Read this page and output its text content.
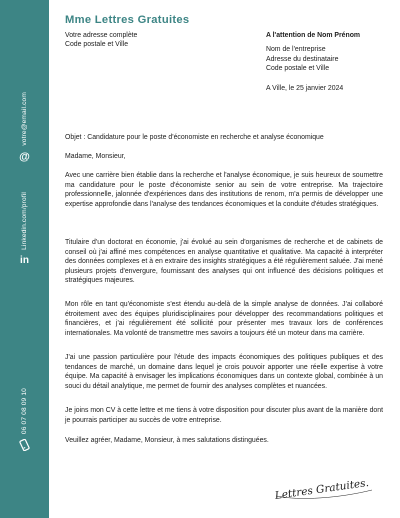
votre@email.com
@
Linkedin.com/profil
in
06 07 08 09 10
Mme Lettres Gratuites
Votre adresse complète
Code postale et Ville
A l'attention de Nom Prénom
Nom de l'entreprise
Adresse du destinataire
Code postale et Ville
A Ville, le 25 janvier 2024
Objet : Candidature pour le poste d'économiste en recherche et analyse économique
Madame, Monsieur,

Avec une carrière bien établie dans la recherche et l'analyse économique, je suis heureux de soumettre ma candidature pour le poste d'économiste senior au sein de votre entreprise. Ma trajectoire professionnelle, jalonnée d'expériences dans des institutions de renom, m'a permis de développer une expertise approfondie dans l'analyse des tendances économiques et la conduite d'études stratégiques.

Titulaire d'un doctorat en économie, j'ai évolué au sein d'organismes de recherche et de cabinets de conseil où j'ai affiné mes compétences en analyse quantitative et qualitative. Ma capacité à interpréter des données complexes et à en extraire des insights stratégiques a été régulièrement saluée. J'ai mené plusieurs projets d'envergure, fournissant des analyses qui ont influencé des décisions politiques et stratégiques majeures.

Mon rôle en tant qu'économiste s'est étendu au-delà de la simple analyse de données. J'ai collaboré étroitement avec des équipes pluridisciplinaires pour développer des recommandations politiques et financières, et j'ai régulièrement été sollicité pour présenter mes travaux lors de conférences internationales. Ma volonté de transmettre mes savoirs a toujours été un moteur dans ma carrière.

J'ai une passion particulière pour l'étude des impacts économiques des politiques publiques et des tendances de marché, un domaine dans lequel je crois pouvoir apporter une réelle expertise à votre équipe. Ma capacité à envisager les implications économiques dans un contexte global, combinée à un souci du détail analytique, me permet de fournir des analyses complètes et nuancées.

Je joins mon CV à cette lettre et me tiens à votre disposition pour discuter plus avant de la manière dont je pourrais participer au succès de votre entreprise.

Veuillez agréer, Madame, Monsieur, à mes salutations distinguées.

Lettres Gratuites.
